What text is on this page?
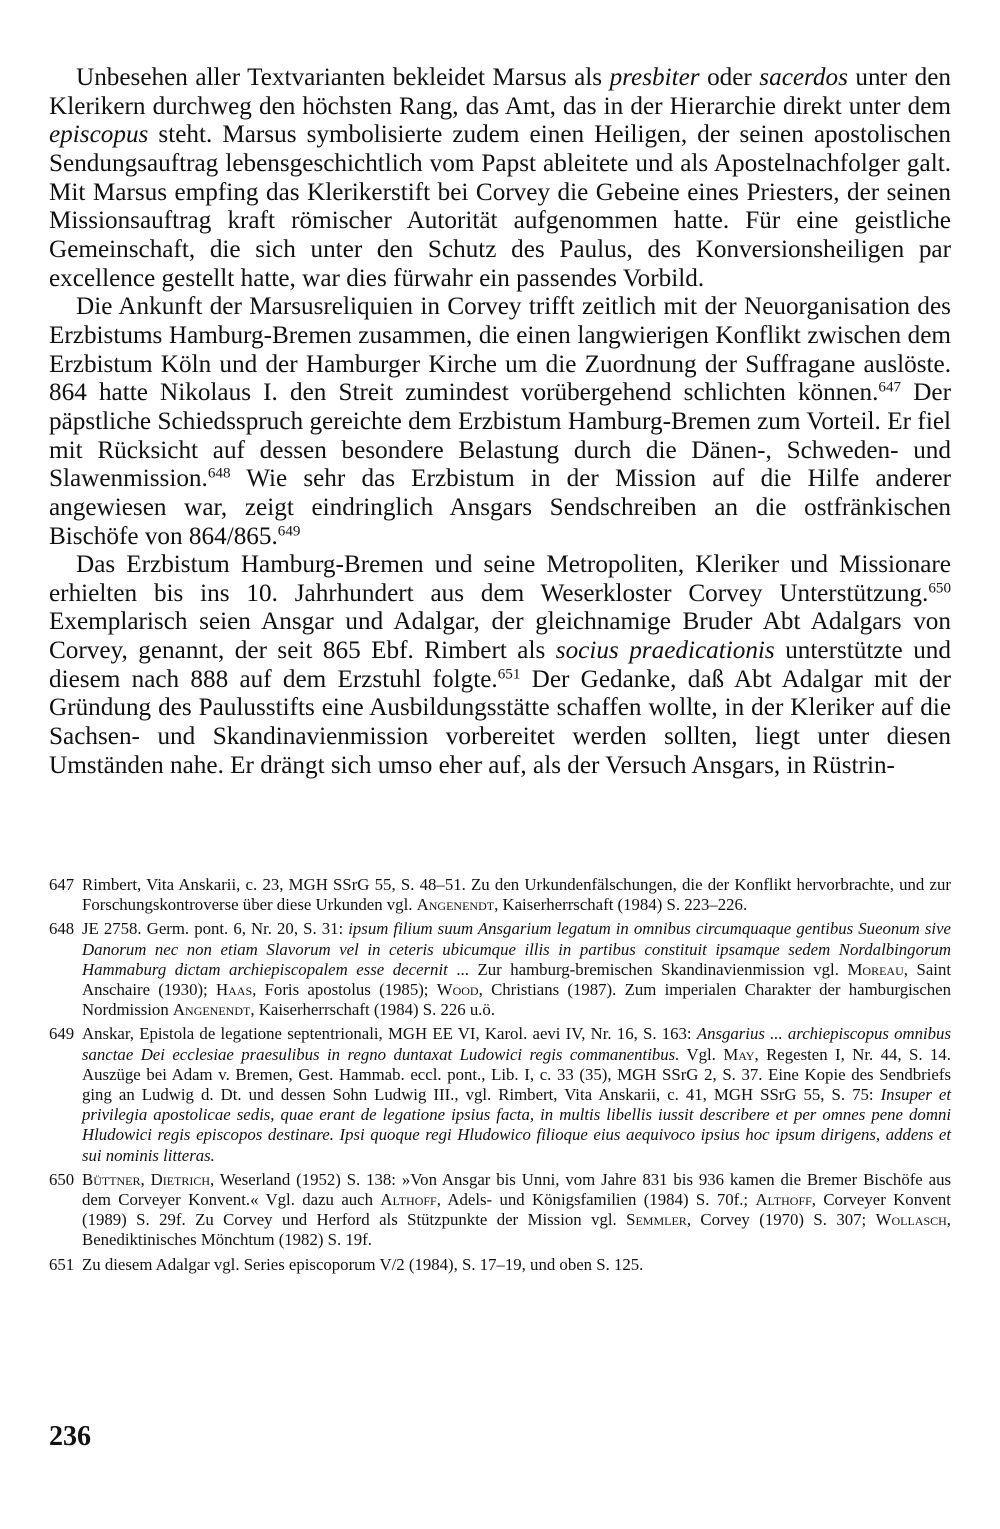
Unbesehen aller Textvarianten bekleidet Marsus als presbiter oder sacerdos unter den Klerikern durchweg den höchsten Rang, das Amt, das in der Hierarchie direkt unter dem episcopus steht. Marsus symbolisierte zudem einen Heiligen, der seinen apostolischen Sendungsauftrag lebensgeschichtlich vom Papst ableitete und als Apostelnachfolger galt. Mit Marsus empfing das Klerikerstift bei Corvey die Gebeine eines Priesters, der seinen Missionsauftrag kraft römischer Autorität aufgenommen hatte. Für eine geistliche Gemeinschaft, die sich unter den Schutz des Paulus, des Konversionsheiligen par excellence gestellt hatte, war dies fürwahr ein passendes Vorbild.

Die Ankunft der Marsusreliquien in Corvey trifft zeitlich mit der Neuorganisation des Erzbistums Hamburg-Bremen zusammen, die einen langwierigen Konflikt zwischen dem Erzbistum Köln und der Hamburger Kirche um die Zuordnung der Suffragane auslöste. 864 hatte Nikolaus I. den Streit zumindest vorübergehend schlichten können.$^{647}$ Der päpstliche Schiedsspruch gereichte dem Erzbistum Hamburg-Bremen zum Vorteil. Er fiel mit Rücksicht auf dessen besondere Belastung durch die Dänen-, Schweden- und Slawenmission.$^{648}$ Wie sehr das Erzbistum in der Mission auf die Hilfe anderer angewiesen war, zeigt eindringlich Ansgars Sendschreiben an die ostfränkischen Bischöfe von 864/865.$^{649}$

Das Erzbistum Hamburg-Bremen und seine Metropoliten, Kleriker und Missionare erhielten bis ins 10. Jahrhundert aus dem Weserkloster Corvey Unterstützung.$^{650}$ Exemplarisch seien Ansgar und Adalgar, der gleichnamige Bruder Abt Adalgars von Corvey, genannt, der seit 865 Ebf. Rimbert als socius praedicationis unterstützte und diesem nach 888 auf dem Erzstuhl folgte.$^{651}$ Der Gedanke, daß Abt Adalgar mit der Gründung des Paulusstifts eine Ausbildungsstätte schaffen wollte, in der Kleriker auf die Sachsen- und Skandinavienmission vorbereitet werden sollten, liegt unter diesen Umständen nahe. Er drängt sich umso eher auf, als der Versuch Ansgars, in Rüstrin-

647 Rimbert, Vita Anskarii, c. 23, MGH SSrG 55, S. 48–51. Zu den Urkundenfälschungen, die der Konflikt hervorbrachte, und zur Forschungskontroverse über diese Urkunden vgl. Angenendt, Kaiserherrschaft (1984) S. 223–226.
648 JE 2758. Germ. pont. 6, Nr. 20, S. 31: ipsum filium suum Ansgarium legatum in omnibus circumquaque gentibus Sueonum sive Danorum nec non etiam Slavorum vel in ceteris ubicumque illis in partibus constituit ipsamque sedem Nordalbingorum Hammaburg dictam archiepiscopalem esse decernit ... Zur hamburg-bremischen Skandinavienmission vgl. Moreau, Saint Anschaire (1930); Haas, Foris apostolus (1985); Wood, Christians (1987). Zum imperialen Charakter der hamburgischen Nordmission Angenendt, Kaiserherrschaft (1984) S. 226 u.ö.
649 Anskar, Epistola de legatione septentrionali, MGH EE VI, Karol. aevi IV, Nr. 16, S. 163: Ansgarius ... archiepiscopus omnibus sanctae Dei ecclesiae praesulibus in regno duntaxat Ludowici regis commanentibus. Vgl. May, Regesten I, Nr. 44, S. 14. Auszüge bei Adam v. Bremen, Gest. Hammab. eccl. pont., Lib. I, c. 33 (35), MGH SSrG 2, S. 37. Eine Kopie des Sendbriefs ging an Ludwig d. Dt. und dessen Sohn Ludwig III., vgl. Rimbert, Vita Anskarii, c. 41, MGH SSrG 55, S. 75: Insuper et privilegia apostolicae sedis, quae erant de legatione ipsius facta, in multis libellis iussit describere et per omnes pene domni Hludowici regis episcopos destinare. Ipsi quoque regi Hludowico filioque eius aequivoco ipsius hoc ipsum dirigens, addens et sui nominis litteras.
650 Büttner, Dietrich, Weserland (1952) S. 138: »Von Ansgar bis Unni, vom Jahre 831 bis 936 kamen die Bremer Bischöfe aus dem Corveyer Konvent.« Vgl. dazu auch Althoff, Adels- und Königsfamilien (1984) S. 70f.; Althoff, Corveyer Konvent (1989) S. 29f. Zu Corvey und Herford als Stützpunkte der Mission vgl. Semmler, Corvey (1970) S. 307; Wollasch, Benediktinisches Mönchtum (1982) S. 19f.
651 Zu diesem Adalgar vgl. Series episcoporum V/2 (1984), S. 17–19, und oben S. 125.
236
